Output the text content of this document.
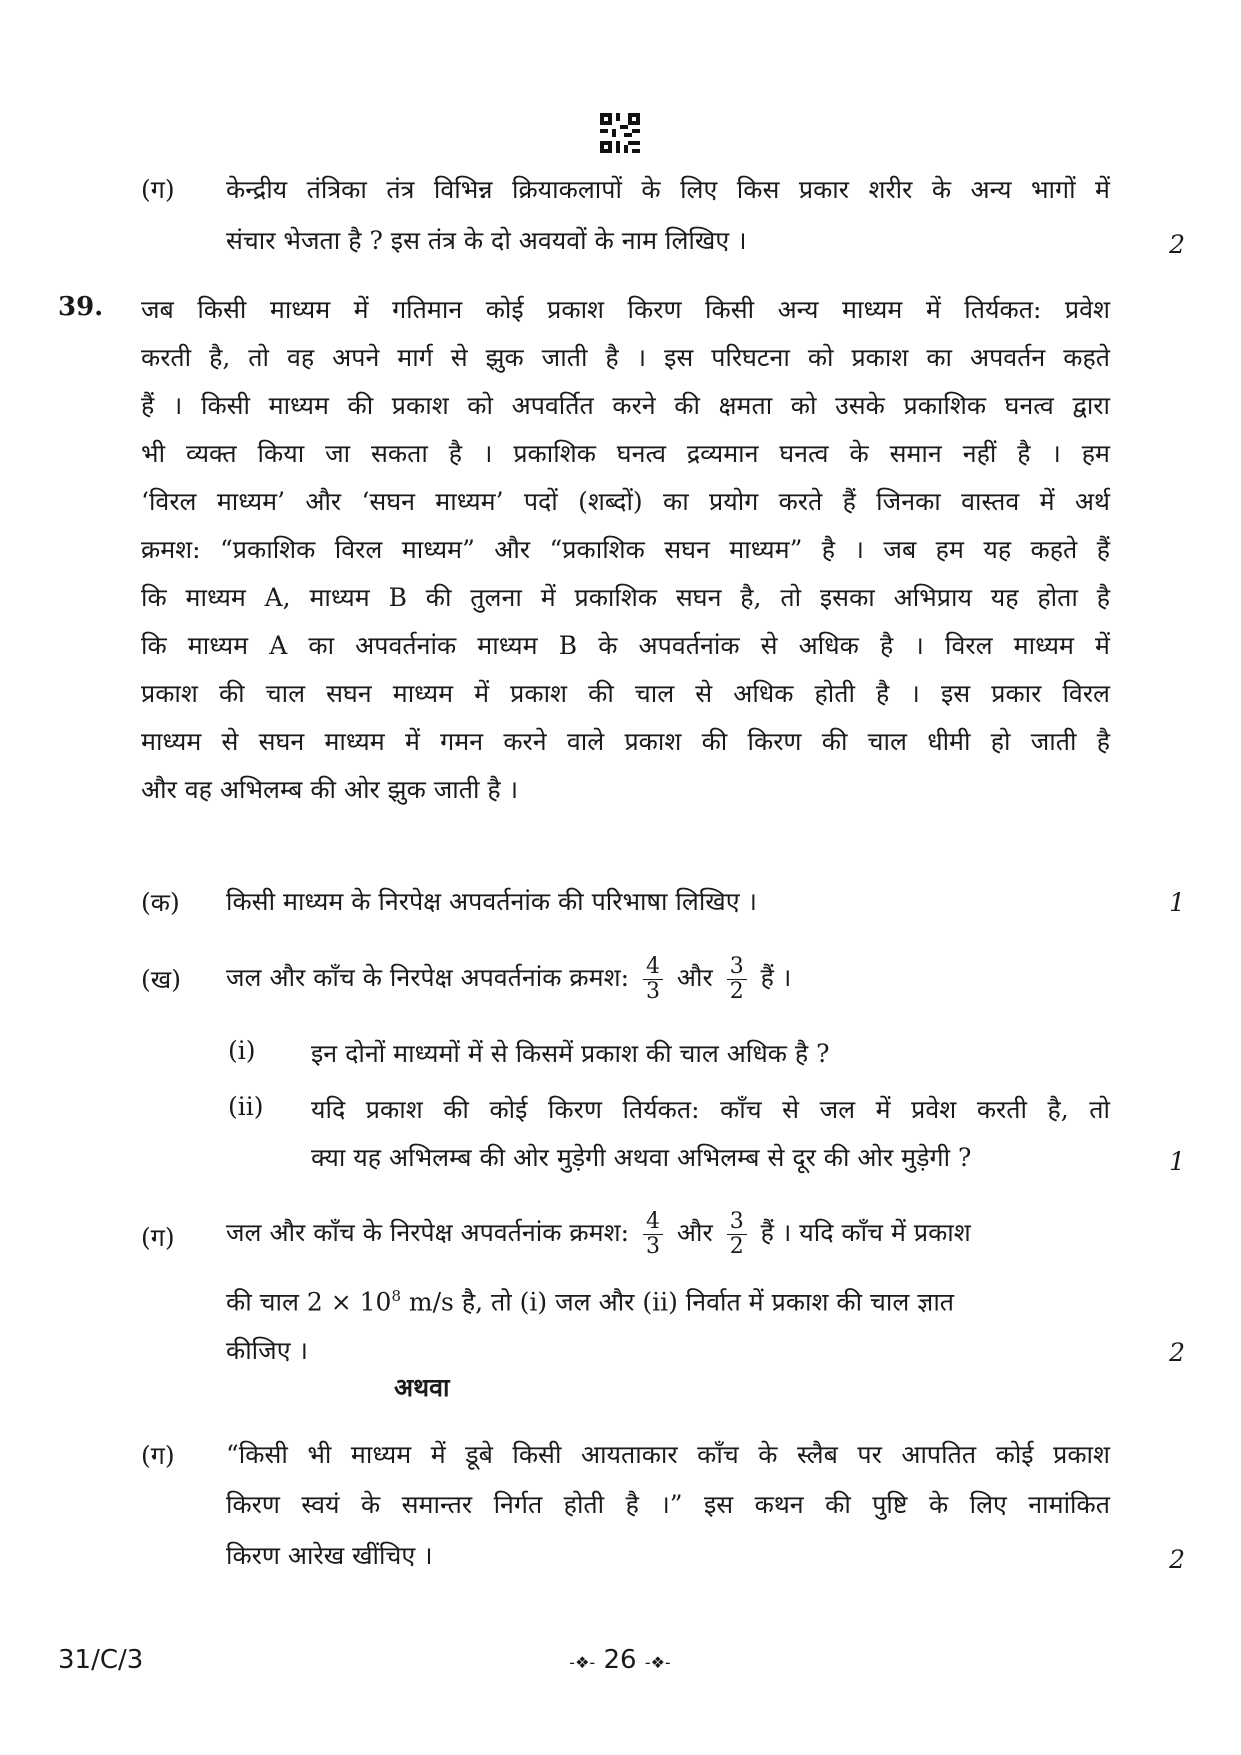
(ग) केन्द्रीय तंत्रिका तंत्र विभिन्न क्रियाकलापों के लिए किस प्रकार शरीर के अन्य भागों में
संचार भेजता है ? इस तंत्र के दो अवयवों के नाम लिखिए ।	2
39. जब किसी माध्यम में गतिमान कोई प्रकाश किरण किसी अन्य माध्यम में तिर्यकत: प्रवेश
करती है, तो वह अपने मार्ग से झुक जाती है । इस परिघटना को प्रकाश का अपवर्तन कहते
हैं । किसी माध्यम की प्रकाश को अपवर्तित करने की क्षमता को उसके प्रकाशिक घनत्व द्वारा
भी व्यक्त किया जा सकता है । प्रकाशिक घनत्व द्रव्यमान घनत्व के समान नहीं है । हम
‘विरल माध्यम’ और ‘सघन माध्यम’ पदों (शब्दों) का प्रयोग करते हैं जिनका वास्तव में अर्थ
क्रमश: “प्रकाशिक विरल माध्यम” और “प्रकाशिक सघन माध्यम” है । जब हम यह कहते हैं
कि माध्यम A, माध्यम B की तुलना में प्रकाशिक सघन है, तो इसका अभिप्राय यह होता है
कि माध्यम A का अपवर्तनांक माध्यम B के अपवर्तनांक से अधिक है । विरल माध्यम में
प्रकाश की चाल सघन माध्यम में प्रकाश की चाल से अधिक होती है । इस प्रकार विरल
माध्यम से सघन माध्यम में गमन करने वाले प्रकाश की किरण की चाल धीमी हो जाती है
और वह अभिलम्ब की ओर झुक जाती है ।
(क) किसी माध्यम के निरपेक्ष अपवर्तनांक की परिभाषा लिखिए ।	1
(ख) जल और काँच के निरपेक्ष अपवर्तनांक क्रमश: $\frac{4}{3}$ और $\frac{3}{2}$ हैं ।
(i) इन दोनों माध्यमों में से किसमें प्रकाश की चाल अधिक है ?
(ii) यदि प्रकाश की कोई किरण तिर्यकत: काँच से जल में प्रवेश करती है, तो
क्या यह अभिलम्ब की ओर मुड़ेगी अथवा अभिलम्ब से दूर की ओर मुड़ेगी ?	1
(ग) जल और काँच के निरपेक्ष अपवर्तनांक क्रमश: $\frac{4}{3}$ और $\frac{3}{2}$ हैं । यदि काँच में प्रकाश
की चाल $2 \times 10^8$ m/s है, तो (i) जल और (ii) निर्वात में प्रकाश की चाल ज्ञात
कीजिए ।	2
अथवा
(ग) “किसी भी माध्यम में डूबे किसी आयताकार काँच के स्लैब पर आपतित कोई प्रकाश
किरण स्वयं के समान्तर निर्गत होती है ।” इस कथन की पुष्टि के लिए नामांकित
किरण आरेख खींचिए ।	2
31/C/3	-❖- 26 -❖-
